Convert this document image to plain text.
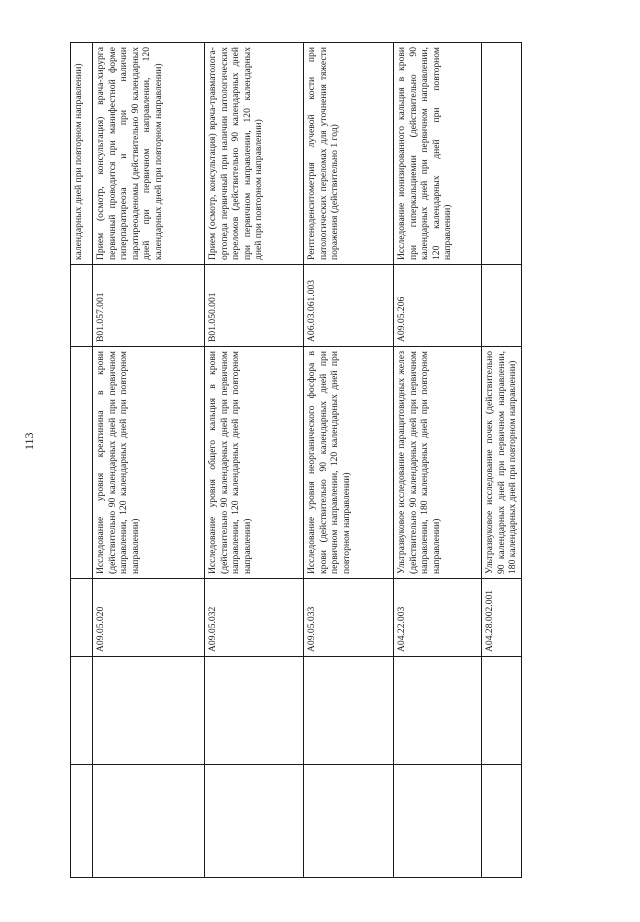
113
					календарных дней при повторном направлении)
		A09.05.020	Исследование уровня креатинина в крови (действительно 90 календарных дней при первичном направлении, 120 календарных дней при повторном направлении)	B01.057.001	Прием (осмотр, консультация) врача-хирурга первичный проводится при манифестной форме гиперпаратиреоза и при наличии паратиреоаденомы (действительно 90 календарных дней при первичном направлении, 120 календарных дней при повторном направлении)
		A09.05.032	Исследование уровня общего кальция в крови (действительно 90 календарных дней при первичном направлении, 120 календарных дней при повторном направлении)	B01.050.001	Прием (осмотр, консультация) врача-травматолога-ортопеда первичный при наличии патологических переломов (действительно 90 календарных дней при первичном направлении, 120 календарных дней при повторном направлении)
		A09.05.033	Исследование уровня неорганического фосфора в крови (действительно 90 календарных дней при первичном направлении, 120 календарных дней при повторном направлении)	A06.03.061.003	Рентгеноденситометрия лучевой кости при патологических переломах для уточнения тяжести поражения (действительно 1 год)
		A04.22.003	Ультразвуковое исследование паращитовидных желез (действительно 90 календарных дней при первичном направлении, 180 календарных дней при повторном направлении)	A09.05.206	Исследование ионизированного кальция в крови при гиперкальциемии (действительно 90 календарных дней при первичном направлении, 120 календарных дней при повторном направлении)
		A04.28.002.001	Ультразвуковое исследование почек (действительно 90 календарных дней при первичном направлении, 180 календарных дней при повторном направлении)		
